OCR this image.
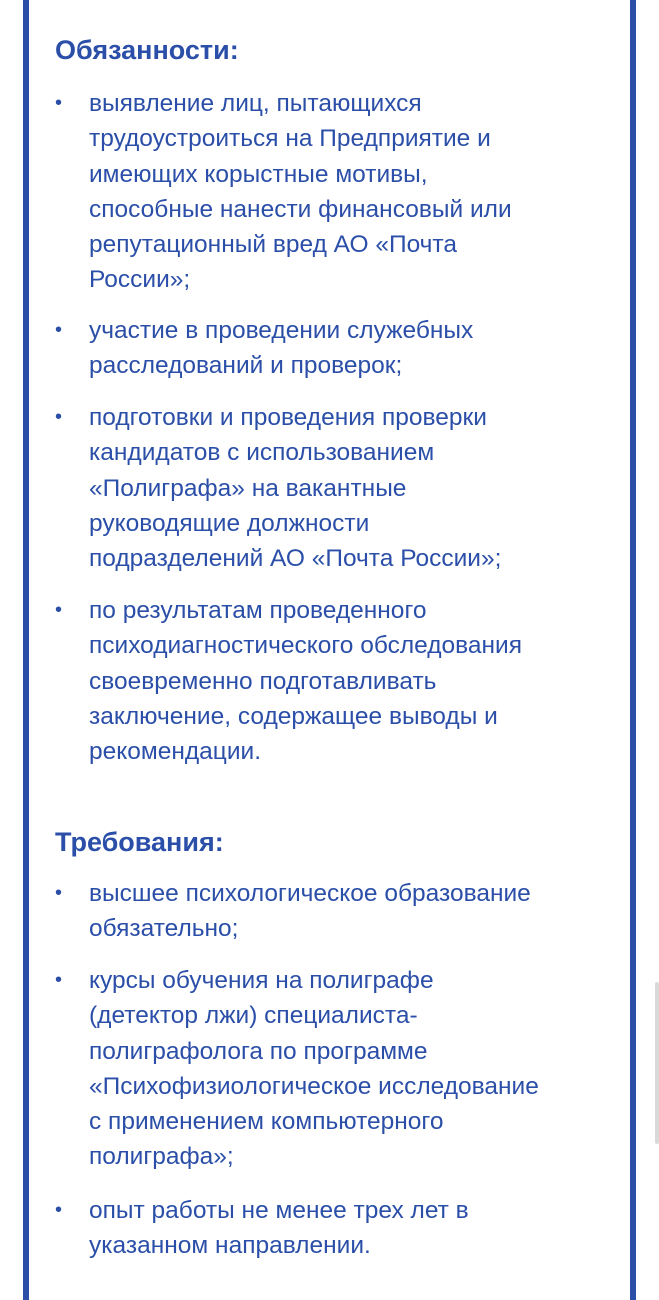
Обязанности:
• выявление лиц, пытающихся
трудоустроиться на Предприятие и
имеющих корыстные мотивы,
способные нанести финансовый или
репутационный вред АО «Почта
России»;
• участие в проведении служебных
расследований и проверок;
• подготовки и проведения проверки
кандидатов с использованием
«Полиграфа» на вакантные
руководящие должности
подразделений АО «Почта России»;
• по результатам проведенного
психодиагностического обследования
своевременно подготавливать
заключение, содержащее выводы и
рекомендации.
Требования:
• высшее психологическое образование
обязательно;
• курсы обучения на полиграфе
(детектор лжи) специалиста-
полиграфолога по программе
«Психофизиологическое исследование
с применением компьютерного
полиграфа»;
• опыт работы не менее трех лет в
указанном направлении.
